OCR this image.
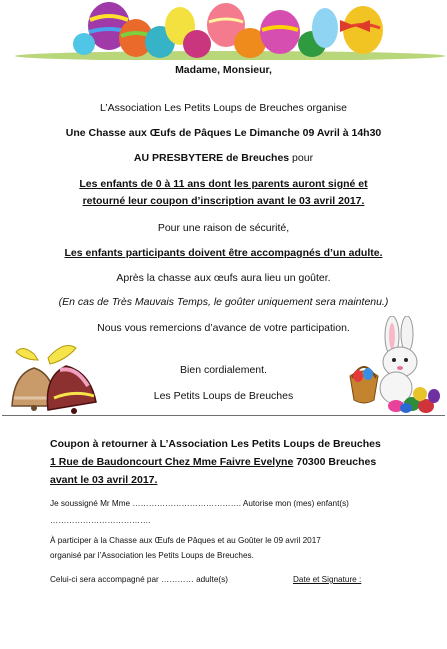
Madame, Monsieur,
L’Association Les Petits Loups de Breuches organise
Une Chasse aux Œufs de Pâques Le Dimanche 09 Avril à 14h30
AU PRESBYTERE de Breuches pour
Les enfants de 0 à 11 ans dont les parents auront signé et
retourné leur coupon d’inscription avant le 03 avril 2017.
Pour une raison de sécurité,
Les enfants participants doivent être accompagnés d’un adulte.
Après la chasse aux œufs aura lieu un goûter.
(En cas de Très Mauvais Temps, le goûter uniquement sera maintenu.)
Nous vous remercions d’avance de votre participation.
Bien cordialement.
Les Petits Loups de Breuches
Coupon à retourner à L’Association Les Petits Loups de Breuches
1 Rue de Baudoncourt Chez Mme Faivre Evelyne 70300 Breuches
avant le 03 avril 2017.
Je soussigné Mr Mme …………………………………. Autorise mon (mes) enfant(s)
……………………………….
À participer à la Chasse aux Œufs de Pâques et au Goûter le 09 avril 2017
organisé par l’Association les Petits Loups de Breuches.
Celui-ci sera accompagné par ………… adulte(s)	Date et Signature :
